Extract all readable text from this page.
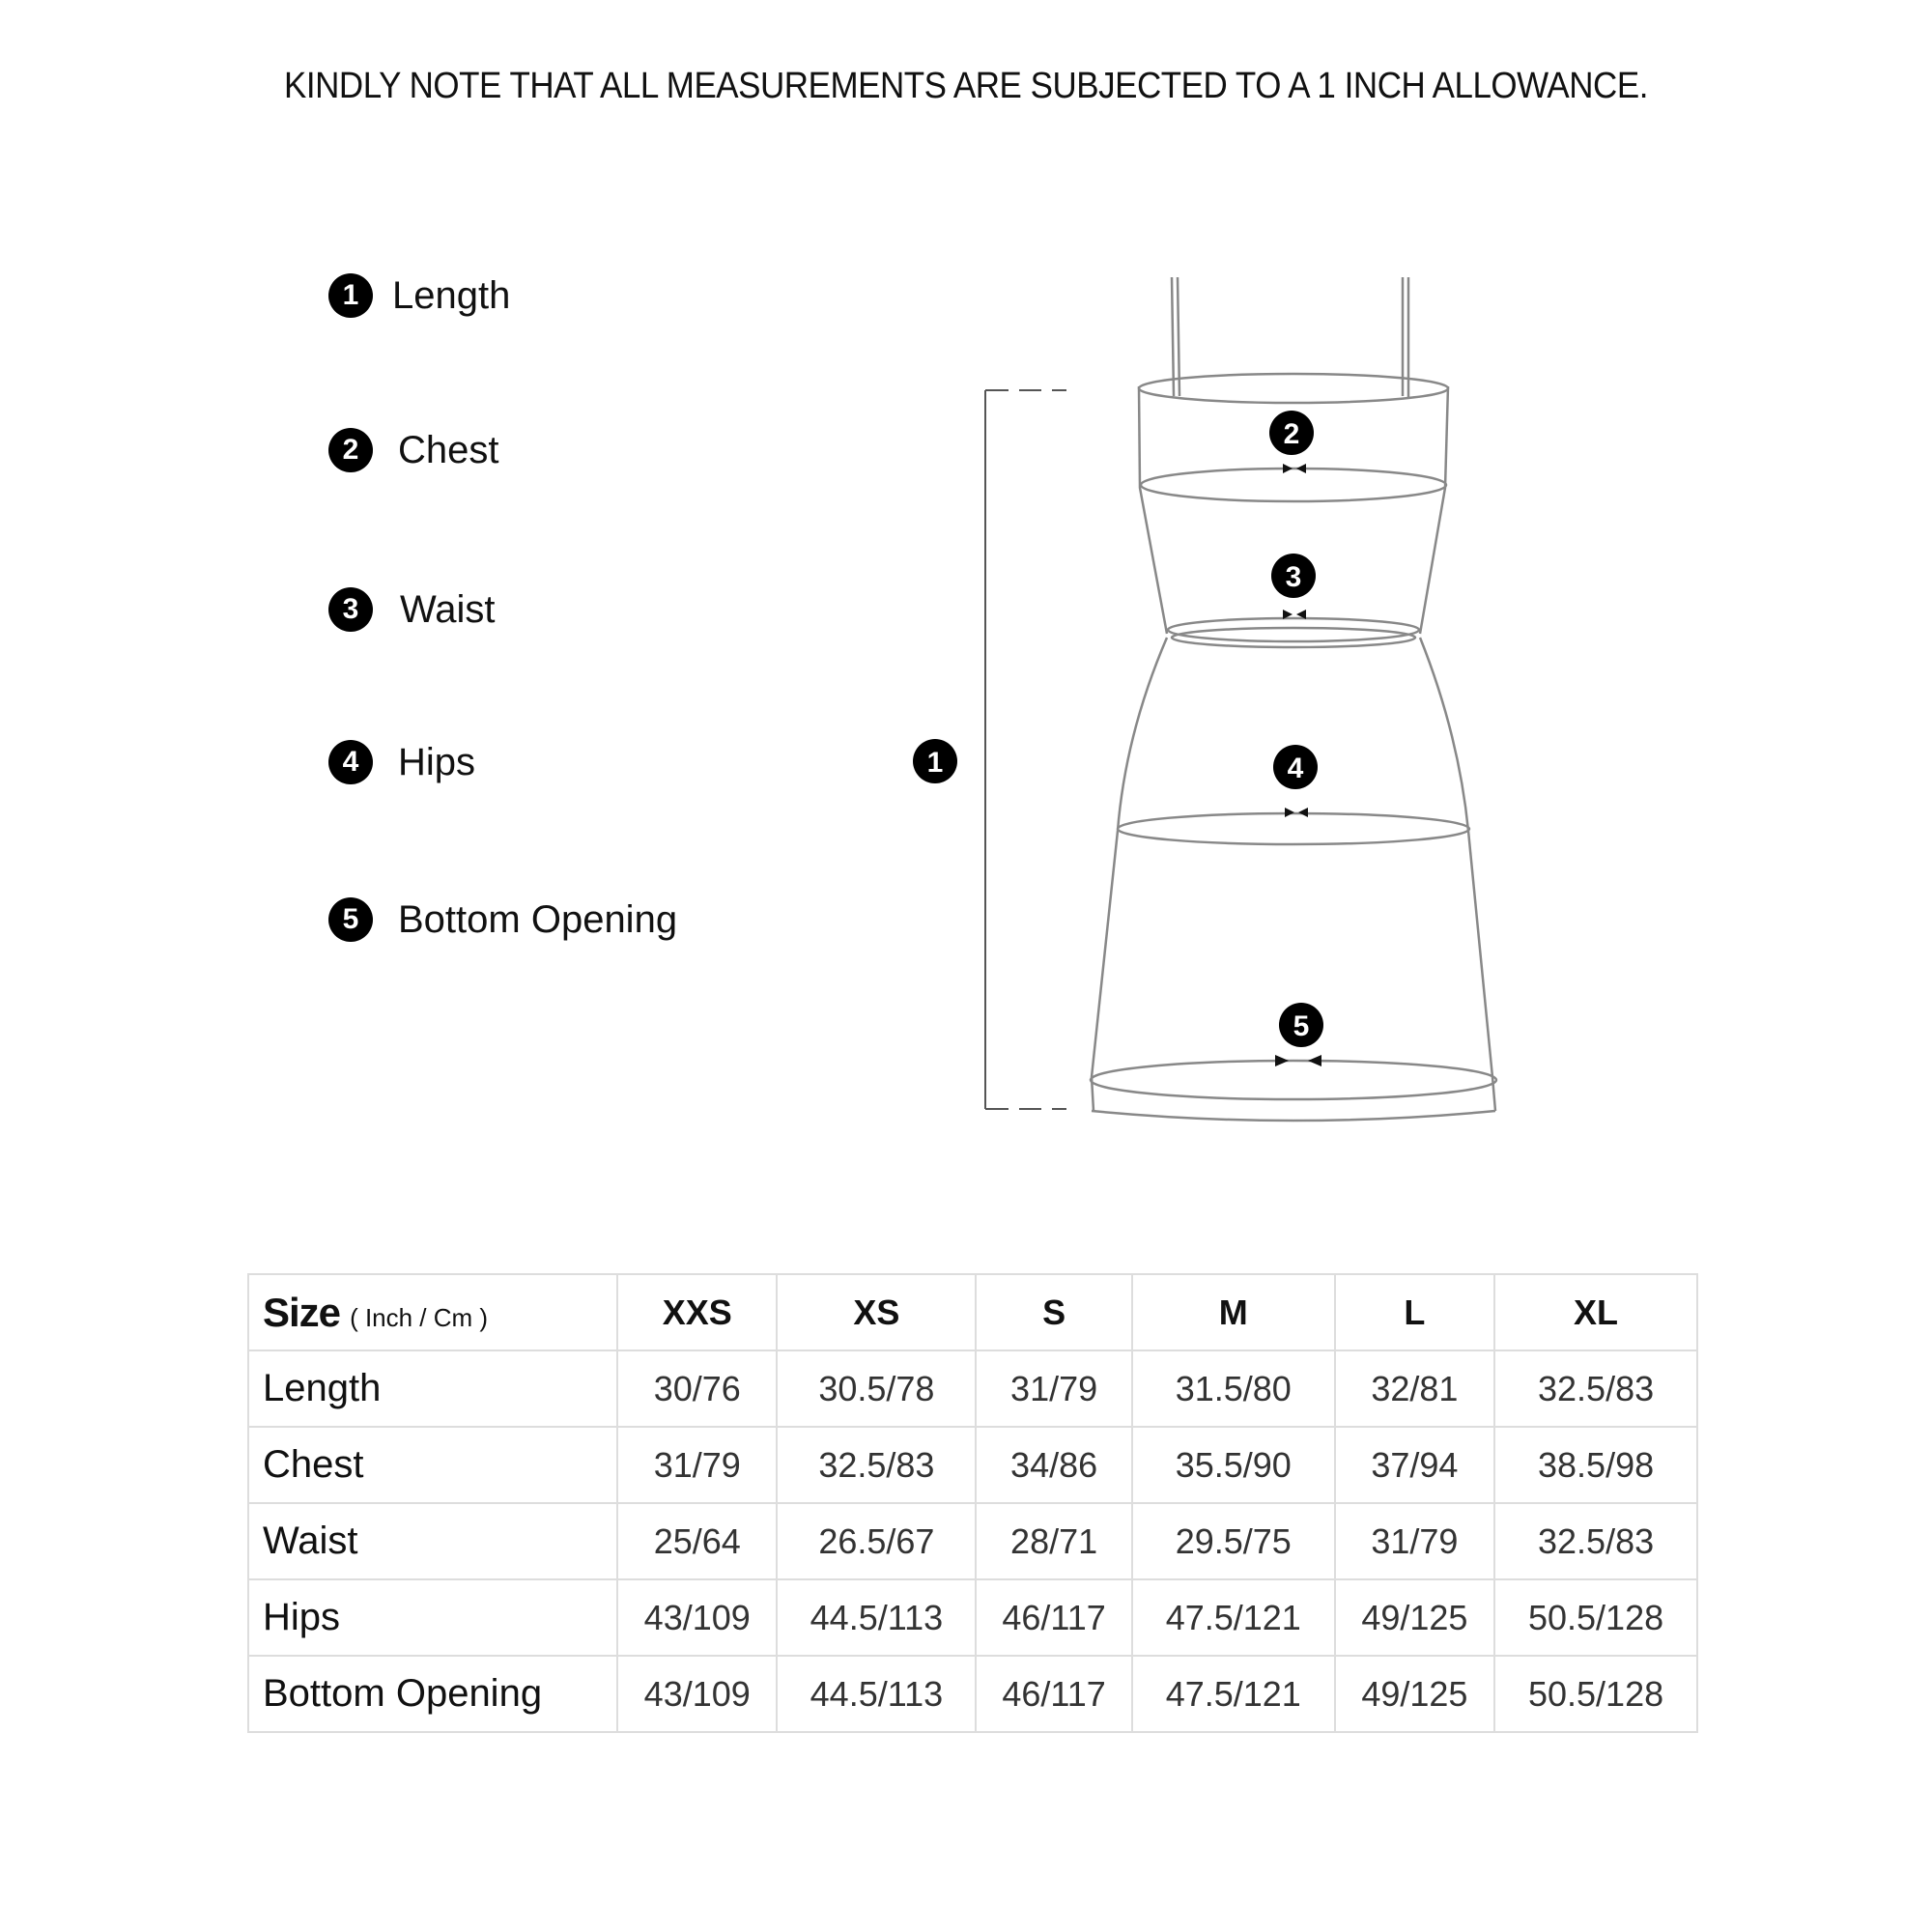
KINDLY NOTE THAT ALL MEASUREMENTS ARE SUBJECTED TO A 1 INCH ALLOWANCE.
1 Length
2	Chest
3	Waist
4	Hips
5	Bottom Opening
1
2
3
4
5
Size ( Inch / Cm )	XXS	XS	S	M	L	XL
Length	30/76	30.5/78	31/79	31.5/80	32/81	32.5/83
Chest	31/79	32.5/83	34/86	35.5/90	37/94	38.5/98
Waist	25/64	26.5/67	28/71	29.5/75	31/79	32.5/83
Hips	43/109	44.5/113	46/117	47.5/121	49/125	50.5/128
Bottom Opening	43/109	44.5/113	46/117	47.5/121	49/125	50.5/128
